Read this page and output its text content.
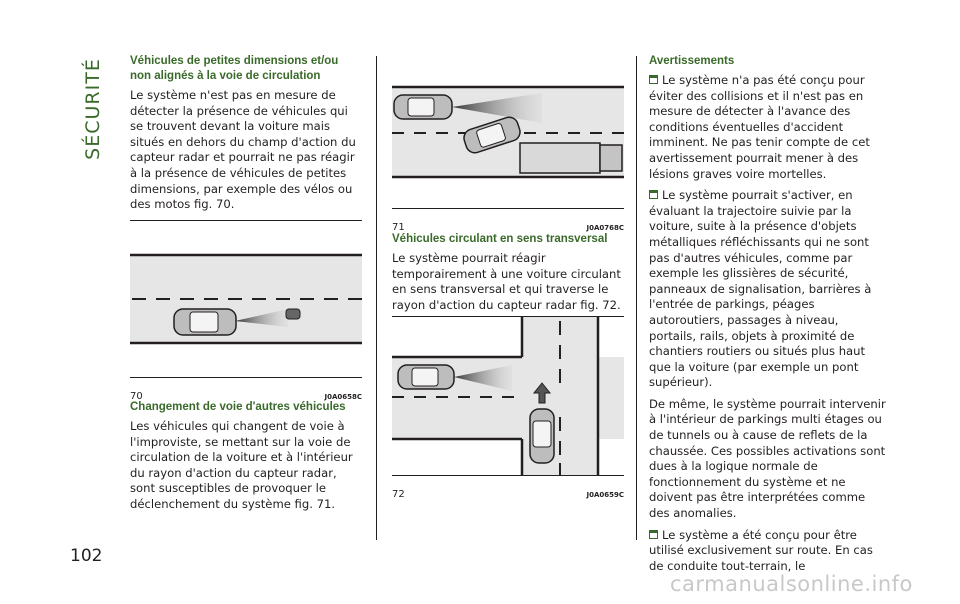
SÉCURITÉ
102
Véhicules de petites dimensions et/ou non alignés à la voie de circulation

Le système n'est pas en mesure de détecter la présence de véhicules qui se trouvent devant la voiture mais situés en dehors du champ d'action du capteur radar et pourrait ne pas réagir à la présence de véhicules de petites dimensions, par exemple des vélos ou des motos fig. 70.

70	J0A0658C
Changement de voie d'autres véhicules

Les véhicules qui changent de voie à l'improviste, se mettant sur la voie de circulation de la voiture et à l'intérieur du rayon d'action du capteur radar, sont susceptibles de provoquer le déclenchement du système fig. 71.

71	J0A0768C
Véhicules circulant en sens transversal

Le système pourrait réagir temporairement à une voiture circulant en sens transversal et qui traverse le rayon d'action du capteur radar fig. 72.

72	J0A0659C
Avertissements

Le système n'a pas été conçu pour éviter des collisions et il n'est pas en mesure de détecter à l'avance des conditions éventuelles d'accident imminent. Ne pas tenir compte de cet avertissement pourrait mener à des lésions graves voire mortelles.

Le système pourrait s'activer, en évaluant la trajectoire suivie par la voiture, suite à la présence d'objets métalliques réfléchissants qui ne sont pas d'autres véhicules, comme par exemple les glissières de sécurité, panneaux de signalisation, barrières à l'entrée de parkings, péages autoroutiers, passages à niveau, portails, rails, objets à proximité de chantiers routiers ou situés plus haut que la voiture (par exemple un pont supérieur).

De même, le système pourrait intervenir à l'intérieur de parkings multi étages ou de tunnels ou à cause de reflets de la chaussée. Ces possibles activations sont dues à la logique normale de fonctionnement du système et ne doivent pas être interprétées comme des anomalies.

Le système a été conçu pour être utilisé exclusivement sur route. En cas de conduite tout-terrain, le

carmanualsonline.info
